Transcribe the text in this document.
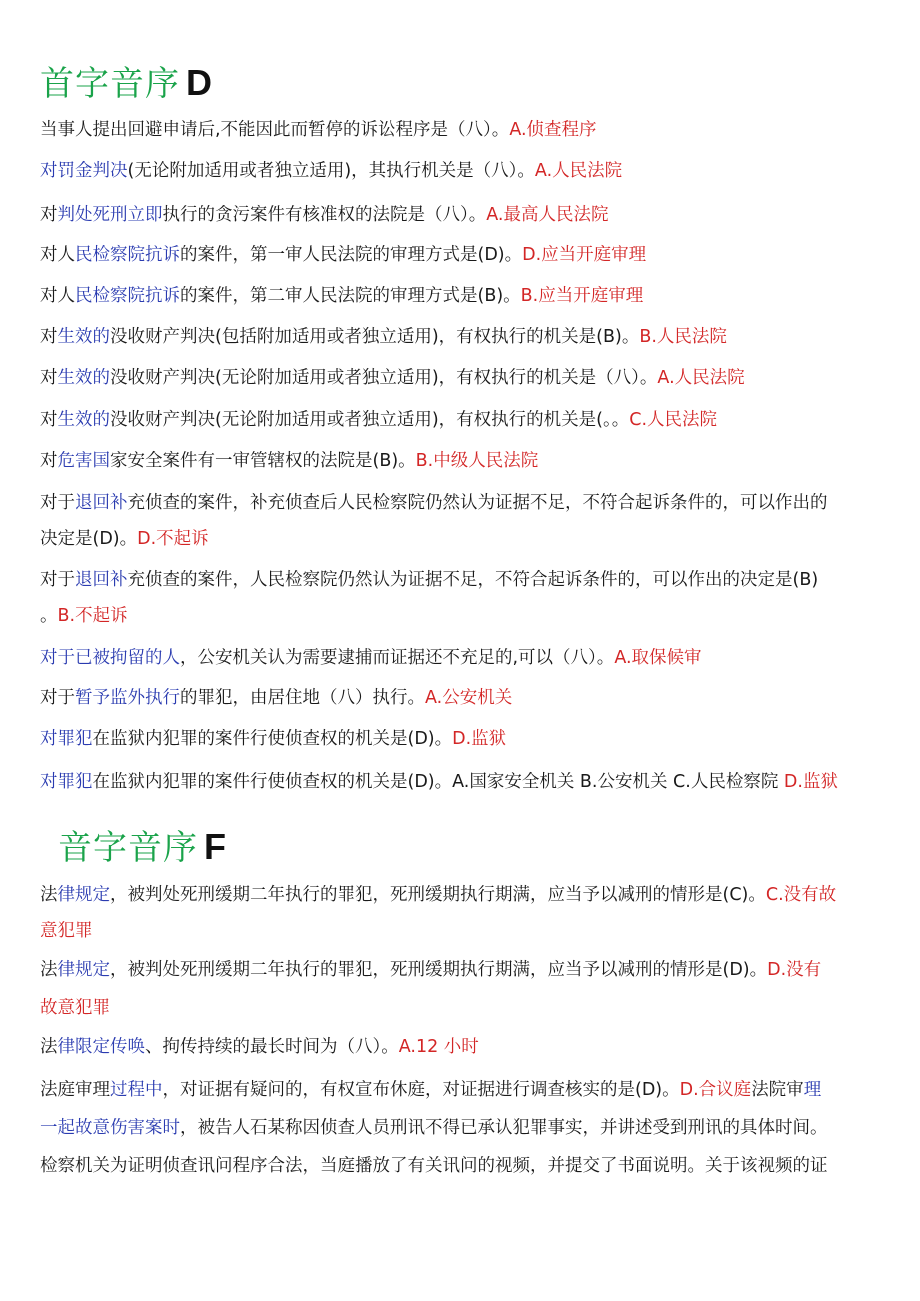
首字音序 D
音字音序 F
当事人提出回避申请后,不能因此而暂停的诉讼程序是（八）。A.侦查程序
对罚金判决(无论附加适用或者独立适用)，其执行机关是（八）。A.人民法院
对判处死刑立即执行的贪污案件有核准权的法院是（八）。A.最高人民法院
对人民检察院抗诉的案件，第一审人民法院的审理方式是(D)。D.应当开庭审理
对人民检察院抗诉的案件，第二审人民法院的审理方式是(B)。B.应当开庭审理
对生效的没收财产判决(包括附加适用或者独立适用)，有权执行的机关是(B)。B.人民法院
对生效的没收财产判决(无论附加适用或者独立适用)，有权执行的机关是（八）。A.人民法院
对生效的没收财产判决(无论附加适用或者独立适用)，有权执行的机关是(。。C.人民法院
对危害国家安全案件有一审管辖权的法院是(B)。B.中级人民法院
对于退回补充侦查的案件，补充侦查后人民检察院仍然认为证据不足，不符合起诉条件的，可以作出的
决定是(D)。D.不起诉
对于退回补充侦查的案件，人民检察院仍然认为证据不足，不符合起诉条件的，可以作出的决定是(B)
。B.不起诉
对于已被拘留的人，公安机关认为需要逮捕而证据还不充足的,可以（八）。A.取保候审
对于暂予监外执行的罪犯，由居住地（八）执行。A.公安机关
对罪犯在监狱内犯罪的案件行使侦查权的机关是(D)。D.监狱
对罪犯在监狱内犯罪的案件行使侦查权的机关是(D)。A.国家安全机关 B.公安机关 C.人民检察院 D.监狱
法律规定，被判处死刑缓期二年执行的罪犯，死刑缓期执行期满，应当予以减刑的情形是(C)。C.没有故
意犯罪
法律规定，被判处死刑缓期二年执行的罪犯，死刑缓期执行期满，应当予以减刑的情形是(D)。D.没有
故意犯罪
法律限定传唤、拘传持续的最长时间为（八）。A.12 小时
法庭审理过程中，对证据有疑问的，有权宣布休庭，对证据进行调查核实的是(D)。D.合议庭法院审理
一起故意伤害案时，被告人石某称因侦查人员刑讯不得已承认犯罪事实，并讲述受到刑讯的具体时间。
检察机关为证明侦查讯问程序合法，当庭播放了有关讯问的视频，并提交了书面说明。关于该视频的证
